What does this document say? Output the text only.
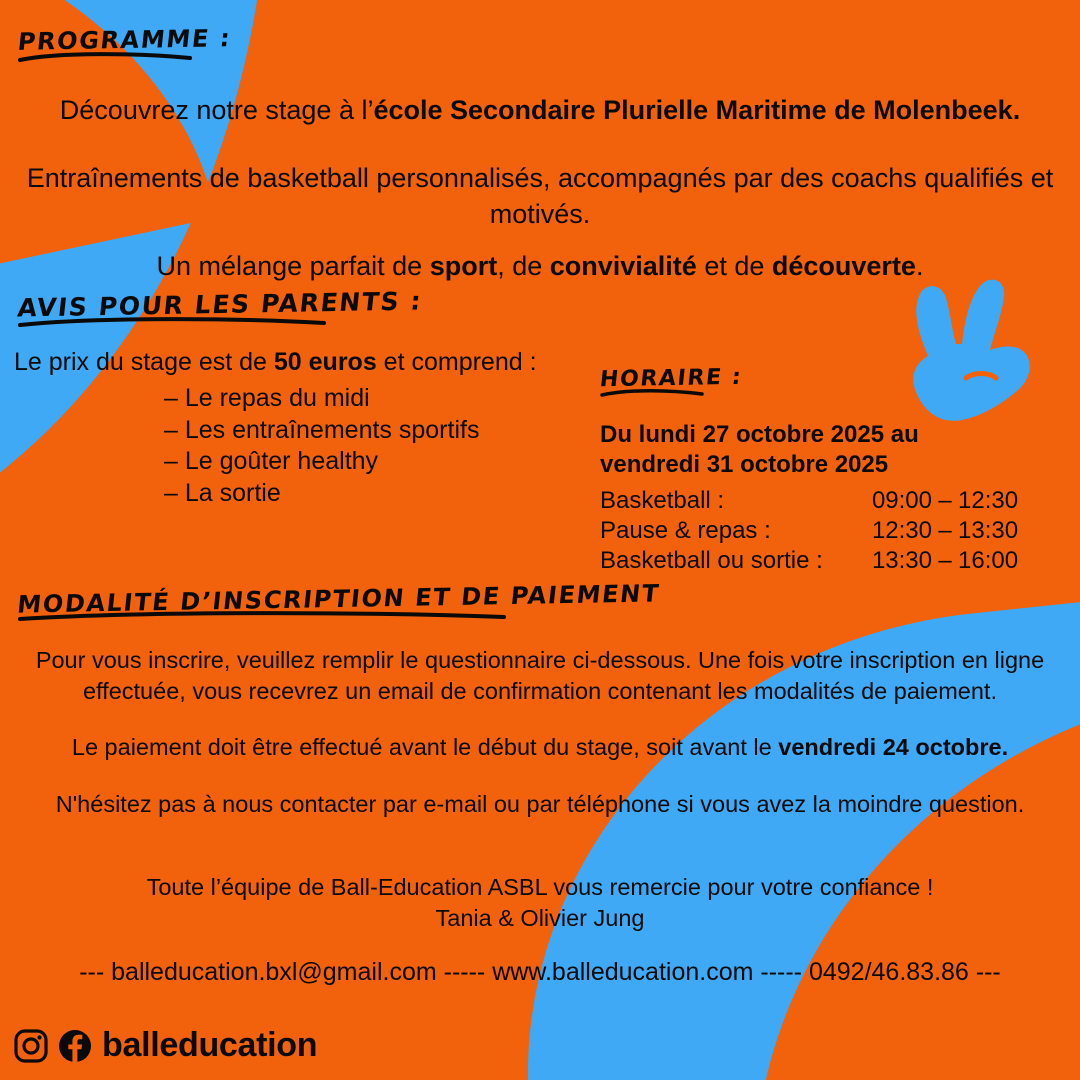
PROGRAMME :
Découvrez notre stage à l’école Secondaire Plurielle Maritime de Molenbeek.
Entraînements de basketball personnalisés, accompagnés par des coachs qualifiés et motivés.
Un mélange parfait de sport, de convivialité et de découverte.
AVIS POUR LES PARENTS :
Le prix du stage est de 50 euros et comprend :
– Le repas du midi
– Les entraînements sportifs
– Le goûter healthy
– La sortie
HORAIRE :
Du lundi 27 octobre 2025 au
vendredi 31 octobre 2025
Basketball :	09:00 – 12:30
Pause & repas :	12:30 – 13:30
Basketball ou sortie :	13:30 – 16:00
MODALITÉ D’INSCRIPTION ET DE PAIEMENT
Pour vous inscrire, veuillez remplir le questionnaire ci-dessous. Une fois votre inscription en ligne effectuée, vous recevrez un email de confirmation contenant les modalités de paiement.
Le paiement doit être effectué avant le début du stage, soit avant le vendredi 24 octobre.
N'hésitez pas à nous contacter par e-mail ou par téléphone si vous avez la moindre question.
Toute l’équipe de Ball-Education ASBL vous remercie pour votre confiance !
Tania & Olivier Jung
--- balleducation.bxl@gmail.com ----- www.balleducation.com ----- 0492/46.83.86 ---
balleducation
